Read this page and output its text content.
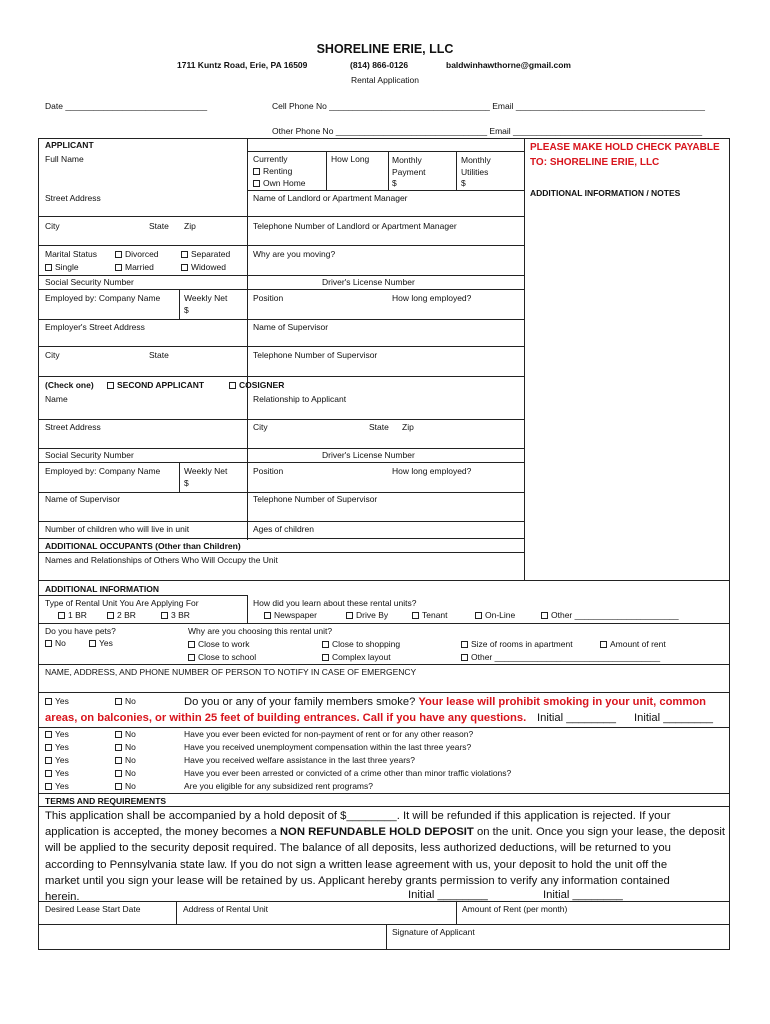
SHORELINE ERIE, LLC
1711 Kuntz Road, Erie, PA 16509	(814) 866-0126	baldwinhawthorne@gmail.com
Rental Application
Date ______________________________	Cell Phone No __________________________________ Email ________________________________________
Other Phone No ________________________________ Email ________________________________________
PLEASE MAKE HOLD CHECK PAYABLE TO: SHORELINE ERIE, LLC
ADDITIONAL INFORMATION / NOTES
APPLICANT
Full Name	Currently
Renting
Own Home
How Long	Monthly Payment
$
Monthly Utilities
$
Street Address	Name of Landlord or Apartment Manager
City	State Zip	Telephone Number of Landlord or Apartment Manager
Marital Status	Divorced	Separated
Single	Married	Widowed
Why are you moving?
Social Security Number	Driver's License Number
Employed by: Company Name	Weekly Net
$
Position	How long employed?
Employer's Street Address	Name of Supervisor
City	State	Telephone Number of Supervisor
(Check one)	SECOND APPLICANT	COSIGNER
Name	Relationship to Applicant
Street Address	City	State Zip
Social Security Number	Driver's License Number
Employed by: Company Name	Weekly Net
$
Position	How long employed?
Name of Supervisor	Telephone Number of Supervisor
Number of children who will live in unit	Ages of children
ADDITIONAL OCCUPANTS (Other than Children)
Names and Relationships of Others Who Will Occupy the Unit
ADDITIONAL INFORMATION
Type of Rental Unit You Are Applying For
1 BR	2 BR	3 BR
How did you learn about these rental units?
Newspaper	Drive By	Tenant	On-Line	Other ______________________
Do you have pets?
No	Yes
Why are you choosing this rental unit?
Close to work	Close to shopping	Size of rooms in apartment	Amount of rent
Close to school	Complex layout	Other ___________________________________
NAME, ADDRESS, AND PHONE NUMBER OF PERSON TO NOTIFY IN CASE OF EMERGENCY
Yes	No	Do you or any of your family members smoke? Your lease will prohibit smoking in your unit, common
areas, on balconies, or within 25 feet of building entrances. Call if you have any questions. Initial ________ Initial ________
Yes	No	Have you ever been evicted for non-payment of rent or for any other reason?
Yes	No	Have you received unemployment compensation within the last three years?
Yes	No	Have you received welfare assistance in the last three years?
Yes	No	Have you ever been arrested or convicted of a crime other than minor traffic violations?
Yes	No	Are you eligible for any subsidized rent programs?
TERMS AND REQUIREMENTS
This application shall be accompanied by a hold deposit of $________. It will be refunded if this application is rejected. If your
application is accepted, the money becomes a NON REFUNDABLE HOLD DEPOSIT on the unit. Once you sign your lease, the deposit
will be applied to the security deposit required. The balance of all deposits, less authorized deductions, will be returned to you
according to Pennsylvania state law. If you do not sign a written lease agreement with us, your deposit to hold the unit off the
market until you sign your lease will be retained by us. Applicant hereby grants permission to verify any information contained
herein.	Initial ________	Initial ________
Desired Lease Start Date	Address of Rental Unit	Amount of Rent (per month)
Signature of Applicant
